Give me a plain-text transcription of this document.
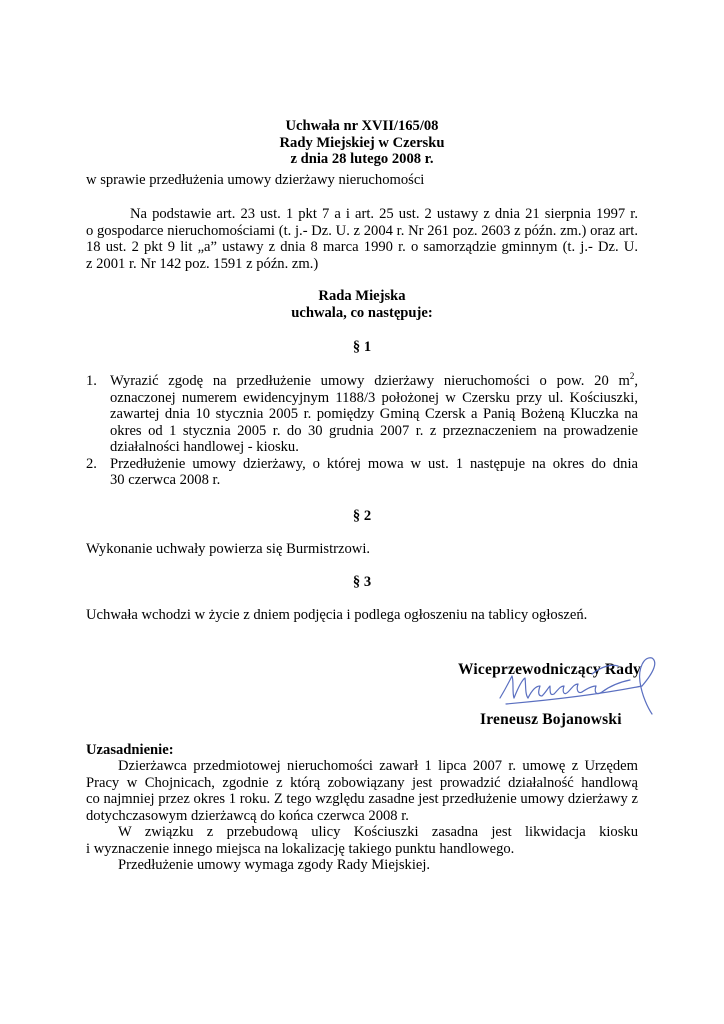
Uchwała nr XVII/165/08
Rady Miejskiej w Czersku
z dnia 28 lutego 2008 r.
w sprawie przedłużenia umowy dzierżawy nieruchomości
Na podstawie art. 23 ust. 1 pkt 7 a i art. 25 ust. 2 ustawy z dnia 21 sierpnia 1997 r.
o gospodarce nieruchomościami (t. j.- Dz. U. z 2004 r. Nr 261 poz. 2603 z późn. zm.) oraz art.
18 ust. 2 pkt 9 lit „a” ustawy z dnia 8 marca 1990 r. o samorządzie gminnym (t. j.- Dz. U.
z 2001 r. Nr 142 poz. 1591 z późn. zm.)
Rada Miejska
uchwala, co następuje:
§ 1
1. Wyrazić zgodę na przedłużenie umowy dzierżawy nieruchomości o pow. 20 $m^2$,
oznaczonej numerem ewidencyjnym 1188/3 położonej w Czersku przy ul. Kościuszki,
zawartej dnia 10 stycznia 2005 r. pomiędzy Gminą Czersk a Panią Bożeną Kluczka na
okres od 1 stycznia 2005 r. do 30 grudnia 2007 r. z przeznaczeniem na prowadzenie
działalności handlowej - kiosku.
2. Przedłużenie umowy dzierżawy, o której mowa w ust. 1 następuje na okres do dnia
30 czerwca 2008 r.
§ 2
Wykonanie uchwały powierza się Burmistrzowi.
§ 3
Uchwała wchodzi w życie z dniem podjęcia i podlega ogłoszeniu na tablicy ogłoszeń.
Wiceprzewodniczący Rady
Ireneusz Bojanowski
Uzasadnienie:
Dzierżawca przedmiotowej nieruchomości zawarł 1 lipca 2007 r. umowę z Urzędem
Pracy w Chojnicach, zgodnie z którą zobowiązany jest prowadzić działalność handlową
co najmniej przez okres 1 roku. Z tego względu zasadne jest przedłużenie umowy dzierżawy z
dotychczasowym dzierżawcą do końca czerwca 2008 r.
W związku z przebudową ulicy Kościuszki zasadna jest likwidacja kiosku
i wyznaczenie innego miejsca na lokalizację takiego punktu handlowego.
Przedłużenie umowy wymaga zgody Rady Miejskiej.
